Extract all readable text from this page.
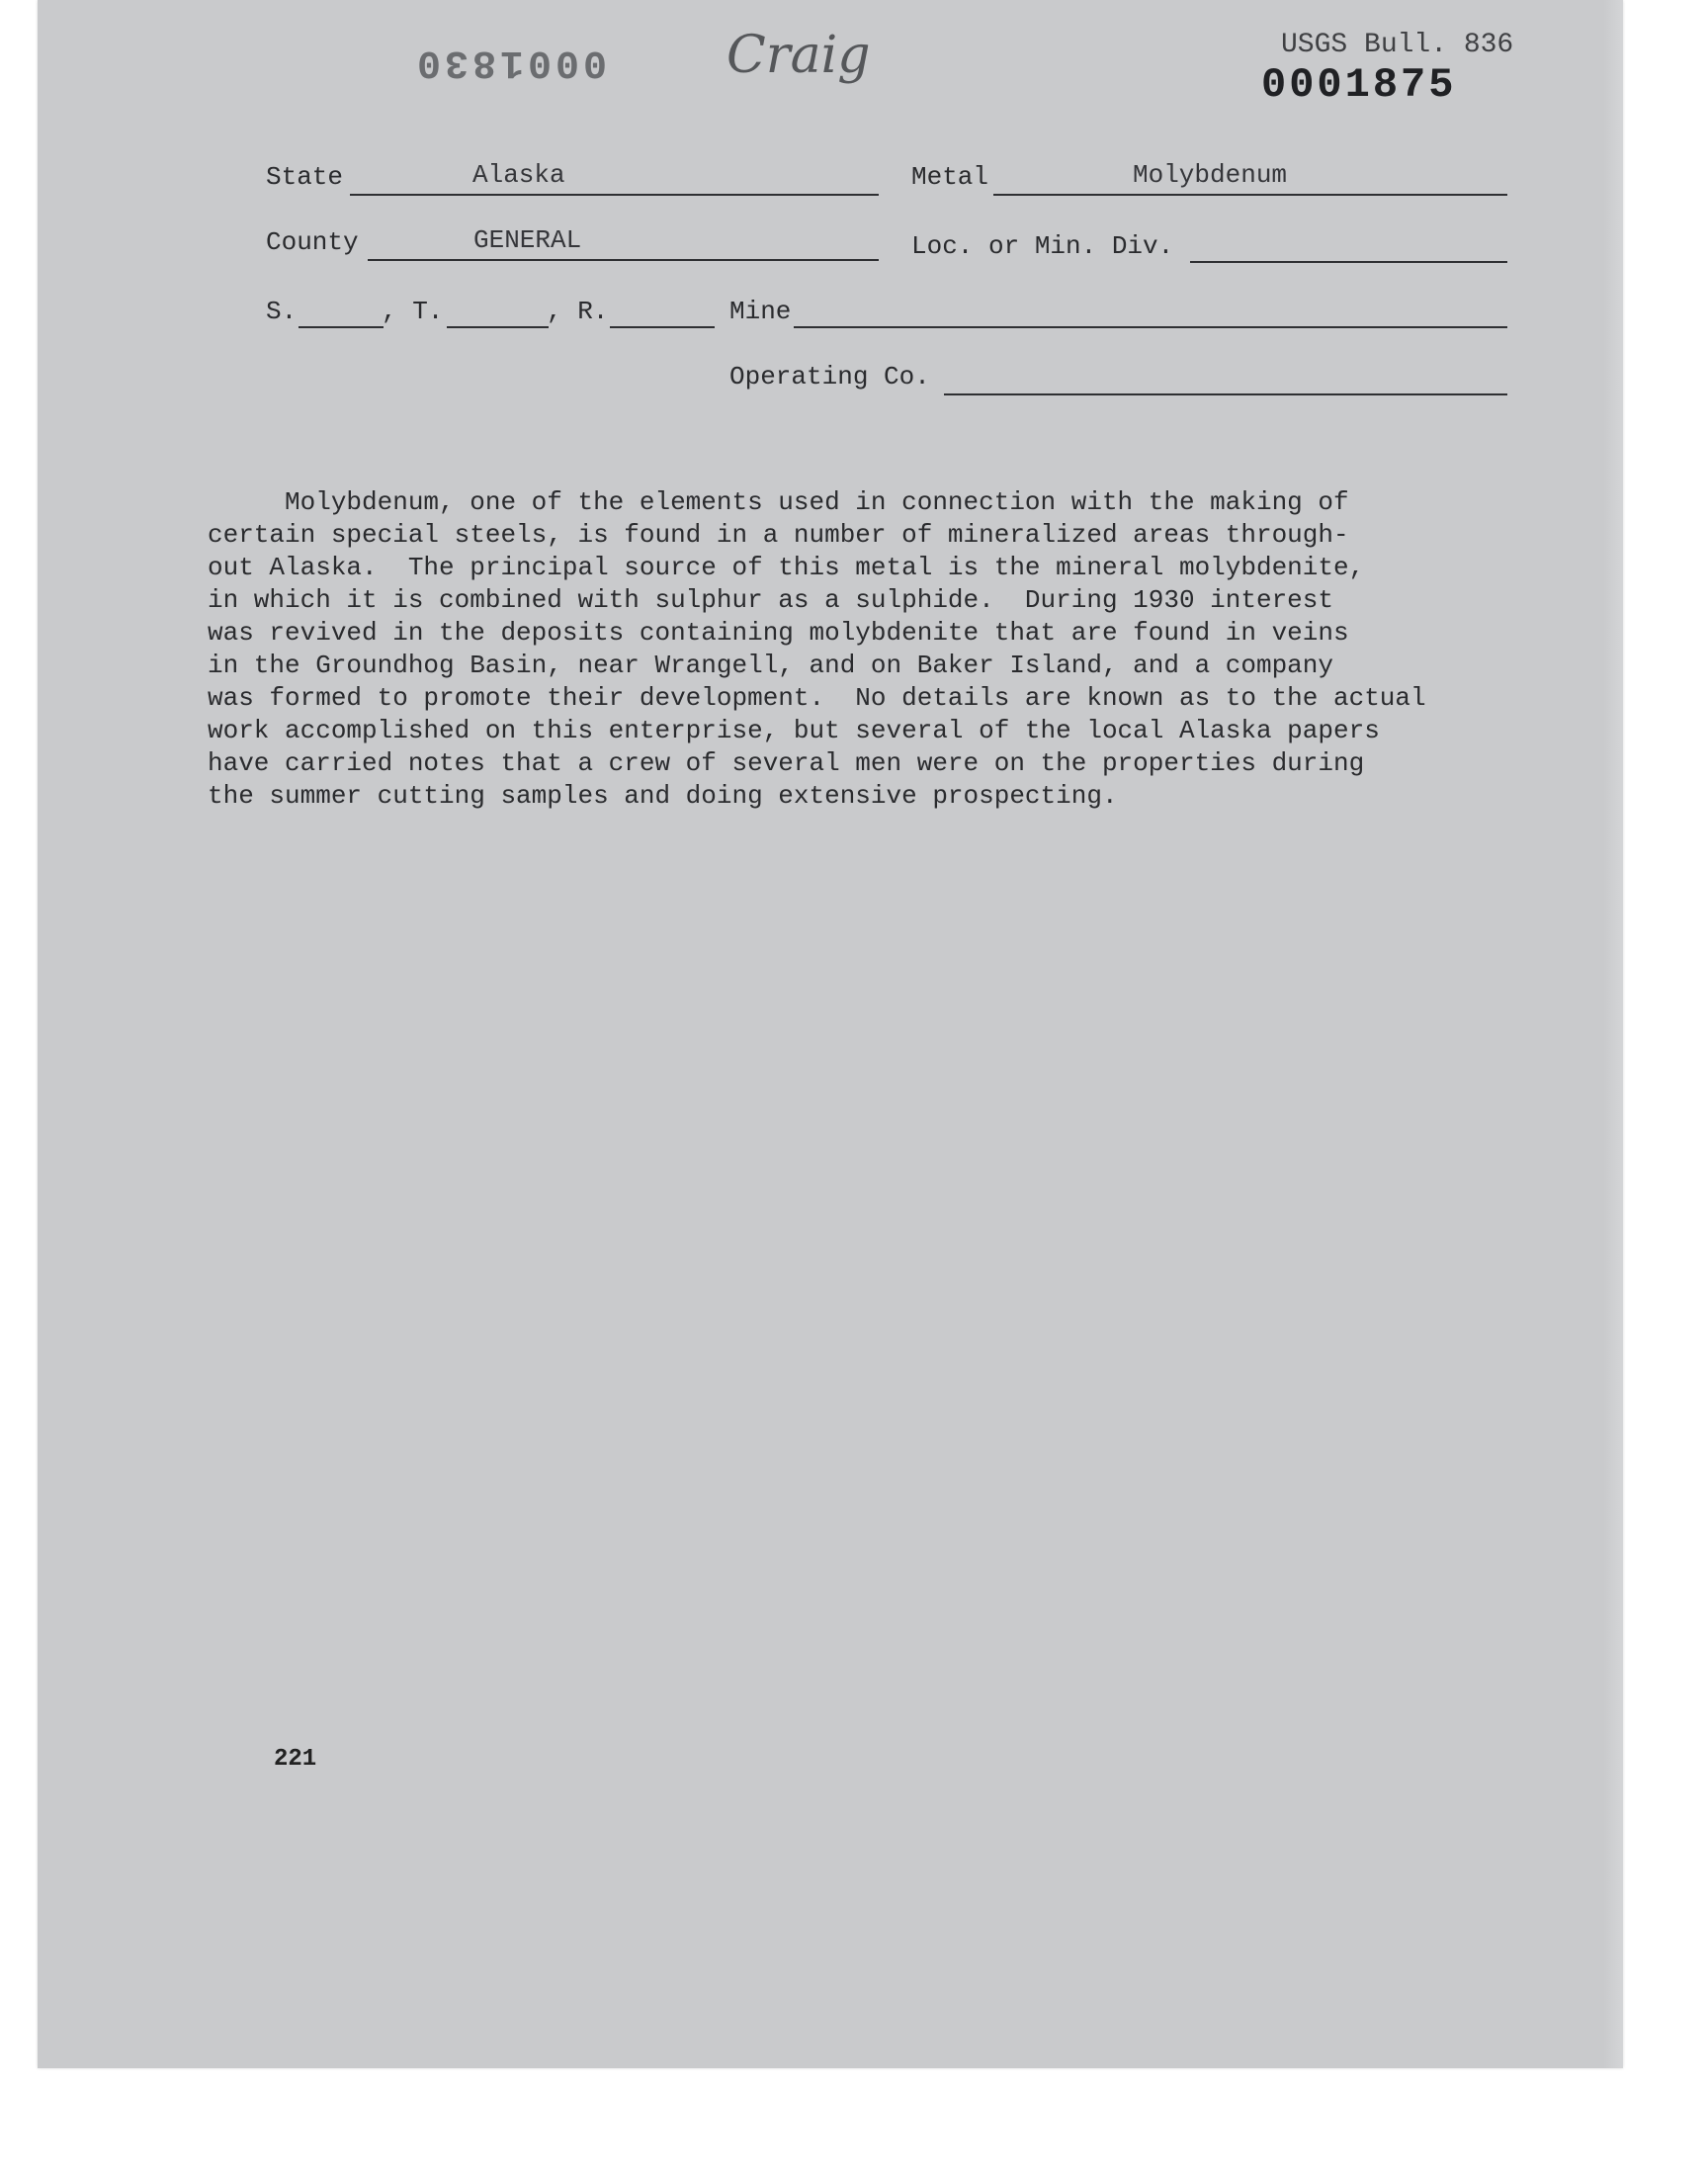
0001830 Craig	USGS Bull. 836
0001875
State	Alaska	Metal	Molybdenum
County	GENERAL	Loc. or Min. Div.
S.	, T.	, R.	Mine
Operating Co.
Molybdenum, one of the elements used in connection with the making of
certain special steels, is found in a number of mineralized areas through-
out Alaska.  The principal source of this metal is the mineral molybdenite,
in which it is combined with sulphur as a sulphide.  During 1930 interest
was revived in the deposits containing molybdenite that are found in veins
in the Groundhog Basin, near Wrangell, and on Baker Island, and a company
was formed to promote their development.  No details are known as to the actual
work accomplished on this enterprise, but several of the local Alaska papers
have carried notes that a crew of several men were on the properties during
the summer cutting samples and doing extensive prospecting.
221
